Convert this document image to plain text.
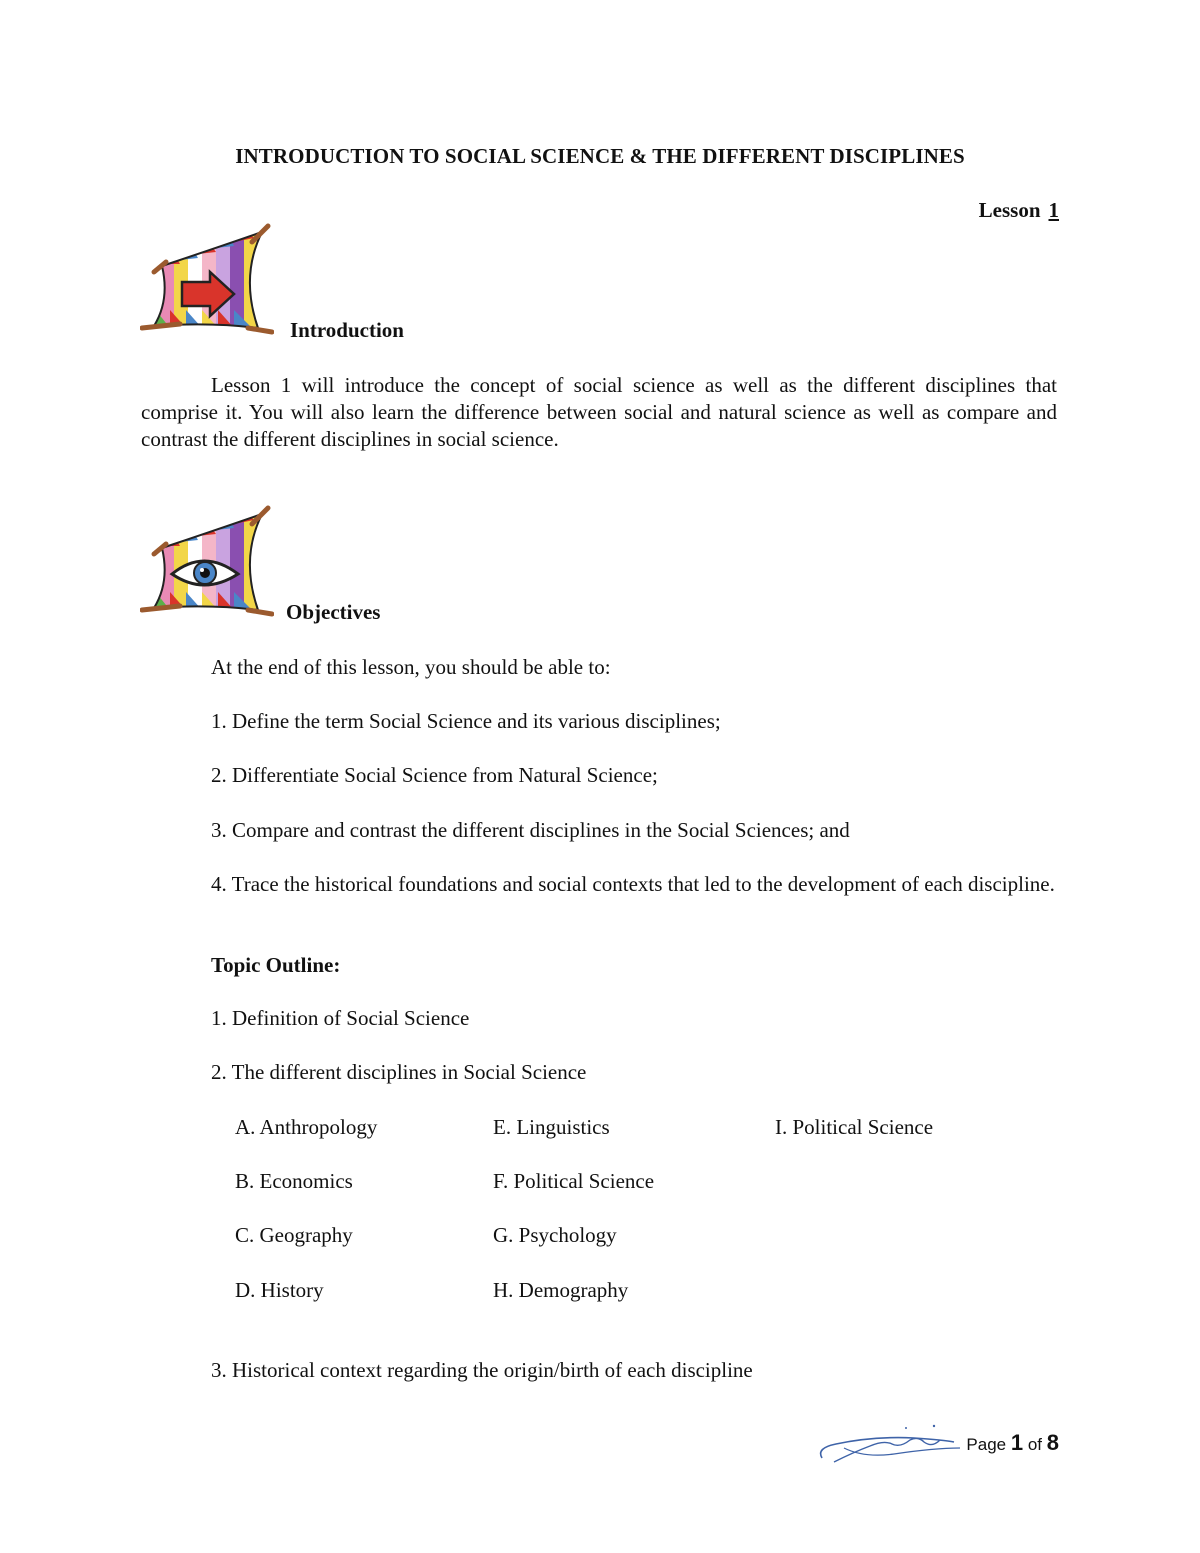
INTRODUCTION TO SOCIAL SCIENCE & THE DIFFERENT DISCIPLINES
Lesson 1
Introduction
Lesson 1 will introduce the concept of social science as well as the different disciplines that comprise it. You will also learn the difference between social and natural science as well as compare and contrast the different disciplines in social science.
Objectives
At the end of this lesson, you should be able to:
1. Define the term Social Science and its various disciplines;
2. Differentiate Social Science from Natural Science;
3. Compare and contrast the different disciplines in the Social Sciences; and
4. Trace the historical foundations and social contexts that led to the development of each discipline.
Topic Outline:
1. Definition of Social Science
2. The different disciplines in Social Science
A. Anthropology
B. Economics
C. Geography
D. History
E. Linguistics
F. Political Science
G. Psychology
H. Demography
I. Political Science
3. Historical context regarding the origin/birth of each discipline
Page 1 of 8
